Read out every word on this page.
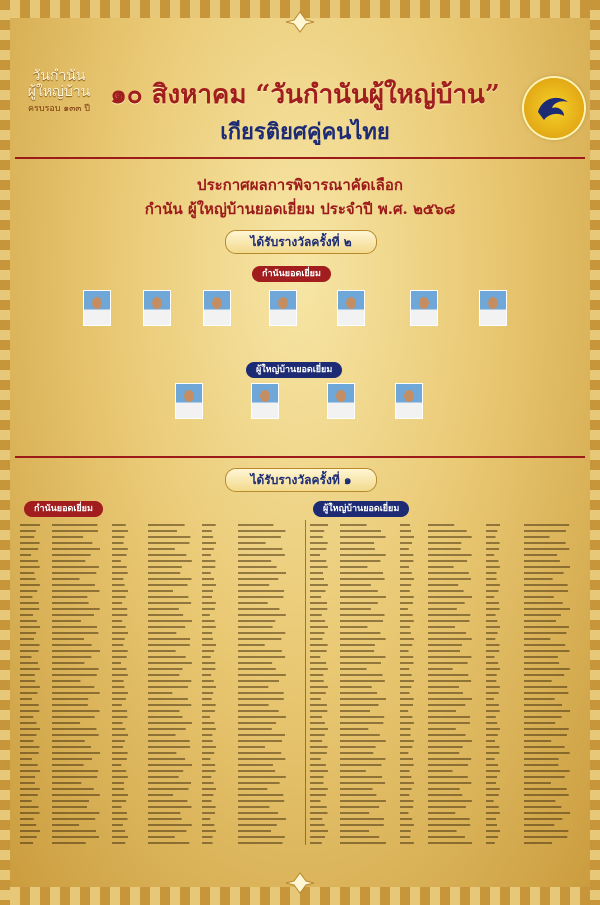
วันกำนัน
ผู้ใหญ่บ้าน
ครบรอบ ๑๓๓ ปี ๑๐ สิงหาคม “วันกำนันผู้ใหญ่บ้าน”
เกียรติยศคู่คนไทย
ประกาศผลการพิจารณาคัดเลือก
กำนัน ผู้ใหญ่บ้านยอดเยี่ยม ประจำปี พ.ศ. ๒๕๖๘
ได้รับรางวัลครั้งที่ ๒
กำนันยอดเยี่ยม
ผู้ใหญ่บ้านยอดเยี่ยม
ได้รับรางวัลครั้งที่ ๑
กำนันยอดเยี่ยม	ผู้ใหญ่บ้านยอดเยี่ยม
